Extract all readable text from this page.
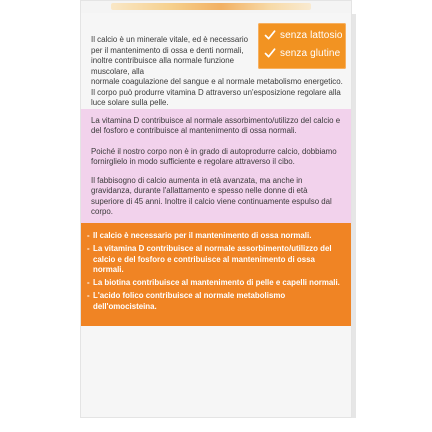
Il calcio è un minerale vitale, ed è necessario per il mantenimento di ossa e denti normali, inoltre contribuisce alla normale funzione muscolare, alla

normale coagulazione del sangue e al normale metabolismo energetico. Il corpo può produrre vitamina D attraverso un'esposizione regolare alla luce solare sulla pelle.

senza lattosio
senza glutine

La vitamina D contribuisce al normale assorbimento/utilizzo del calcio e del fosforo e contribuisce al mantenimento di ossa normali.

Poiché il nostro corpo non è in grado di autoprodurre calcio, dobbiamo fornirglielo in modo sufficiente e regolare attraverso il cibo.

Il fabbisogno di calcio aumenta in età avanzata, ma anche in gravidanza, durante l'allattamento e spesso nelle donne di età superiore di 45 anni. Inoltre il calcio viene continuamente espulso dal corpo.

- Il calcio è necessario per il mantenimento di ossa normali.
- La vitamina D contribuisce al normale assorbimento/utilizzo del calcio e del fosforo e contribuisce al mantenimento di ossa normali.
- La biotina contribuisce al mantenimento di pelle e capelli normali.
- L'acido folico contribuisce al normale metabolismo dell'omocisteina.
